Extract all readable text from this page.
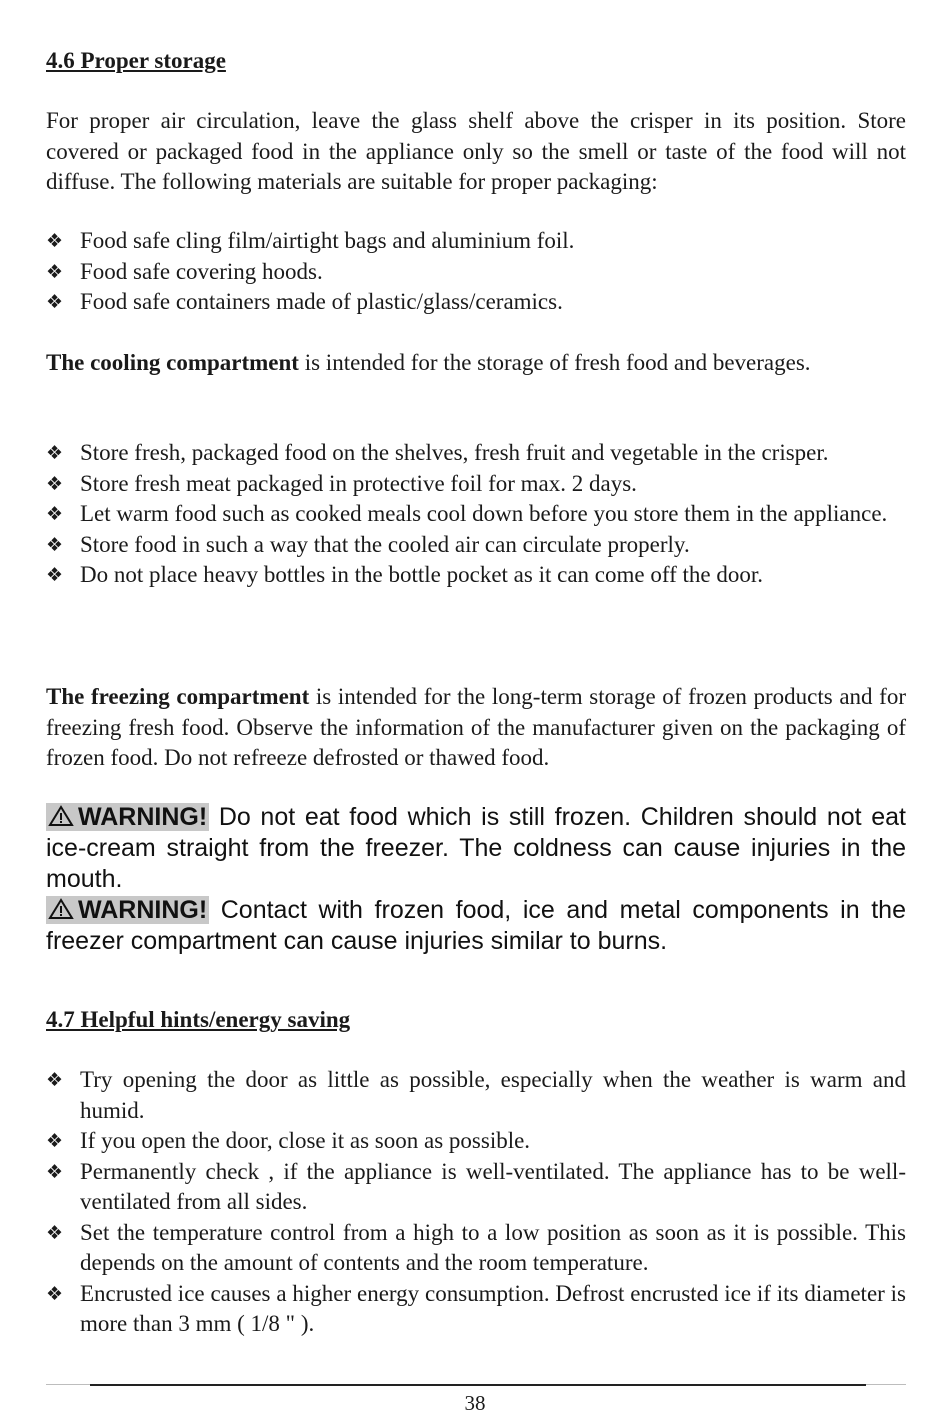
4.6 Proper storage
For proper air circulation, leave the glass shelf above the crisper in its position. Store covered or packaged food in the appliance only so the smell or taste of the food will not diffuse. The following materials are suitable for proper packaging:
❖ Food safe cling film/airtight bags and aluminium foil.
❖ Food safe covering hoods.
❖ Food safe containers made of plastic/glass/ceramics.
The cooling compartment is intended for the storage of fresh food and beverages.
❖ Store fresh, packaged food on the shelves, fresh fruit and vegetable in the crisper.
❖ Store fresh meat packaged in protective foil for max. 2 days.
❖ Let warm food such as cooked meals cool down before you store them in the appliance.
❖ Store food in such a way that the cooled air can circulate properly.
❖ Do not place heavy bottles in the bottle pocket as it can come off the door.
The freezing compartment is intended for the long-term storage of frozen products and for freezing fresh food. Observe the information of the manufacturer given on the packaging of frozen food. Do not refreeze defrosted or thawed food.
WARNING! Do not eat food which is still frozen. Children should not eat ice-cream straight from the freezer. The coldness can cause injuries in the mouth.
WARNING! Contact with frozen food, ice and metal components in the freezer compartment can cause injuries similar to burns.
4.7 Helpful hints/energy saving
❖ Try opening the door as little as possible, especially when the weather is warm and humid.
❖ If you open the door, close it as soon as possible.
❖ Permanently check , if the appliance is well-ventilated. The appliance has to be well-ventilated from all sides.
❖ Set the temperature control from a high to a low position as soon as it is possible. This depends on the amount of contents and the room temperature.
❖ Encrusted ice causes a higher energy consumption. Defrost encrusted ice if its diameter is more than 3 mm ( 1/8 " ).
38
